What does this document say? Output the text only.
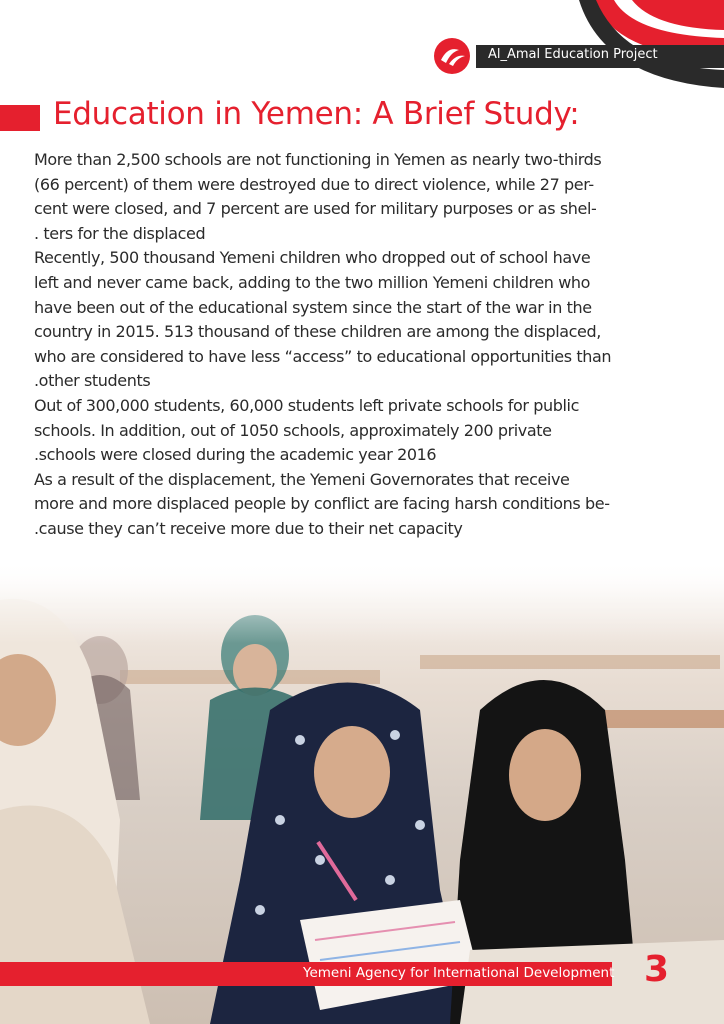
Al_Amal Education Project
Education in Yemen: A Brief Study:
More than 2,500 schools are not functioning in Yemen as nearly two-thirds
(66 percent) of them were destroyed due to direct violence, while 27 per-
cent were closed, and 7 percent are used for military purposes or as shel-
. ters for the displaced
Recently, 500 thousand Yemeni children who dropped out of school have
left and never came back, adding to the two million Yemeni children who
have been out of the educational system since the start of the war in the
country in 2015. 513 thousand of these children are among the displaced,
who are considered to have less “access” to educational opportunities than
.other students
Out of 300,000 students, 60,000 students left private schools for public
schools. In addition, out of 1050 schools, approximately 200 private
.schools were closed during the academic year 2016
As a result of the displacement, the Yemeni Governorates that receive
more and more displaced people by conflict are facing harsh conditions be-
.cause they can’t receive more due to their net capacity
Yemeni Agency for International Development 3
